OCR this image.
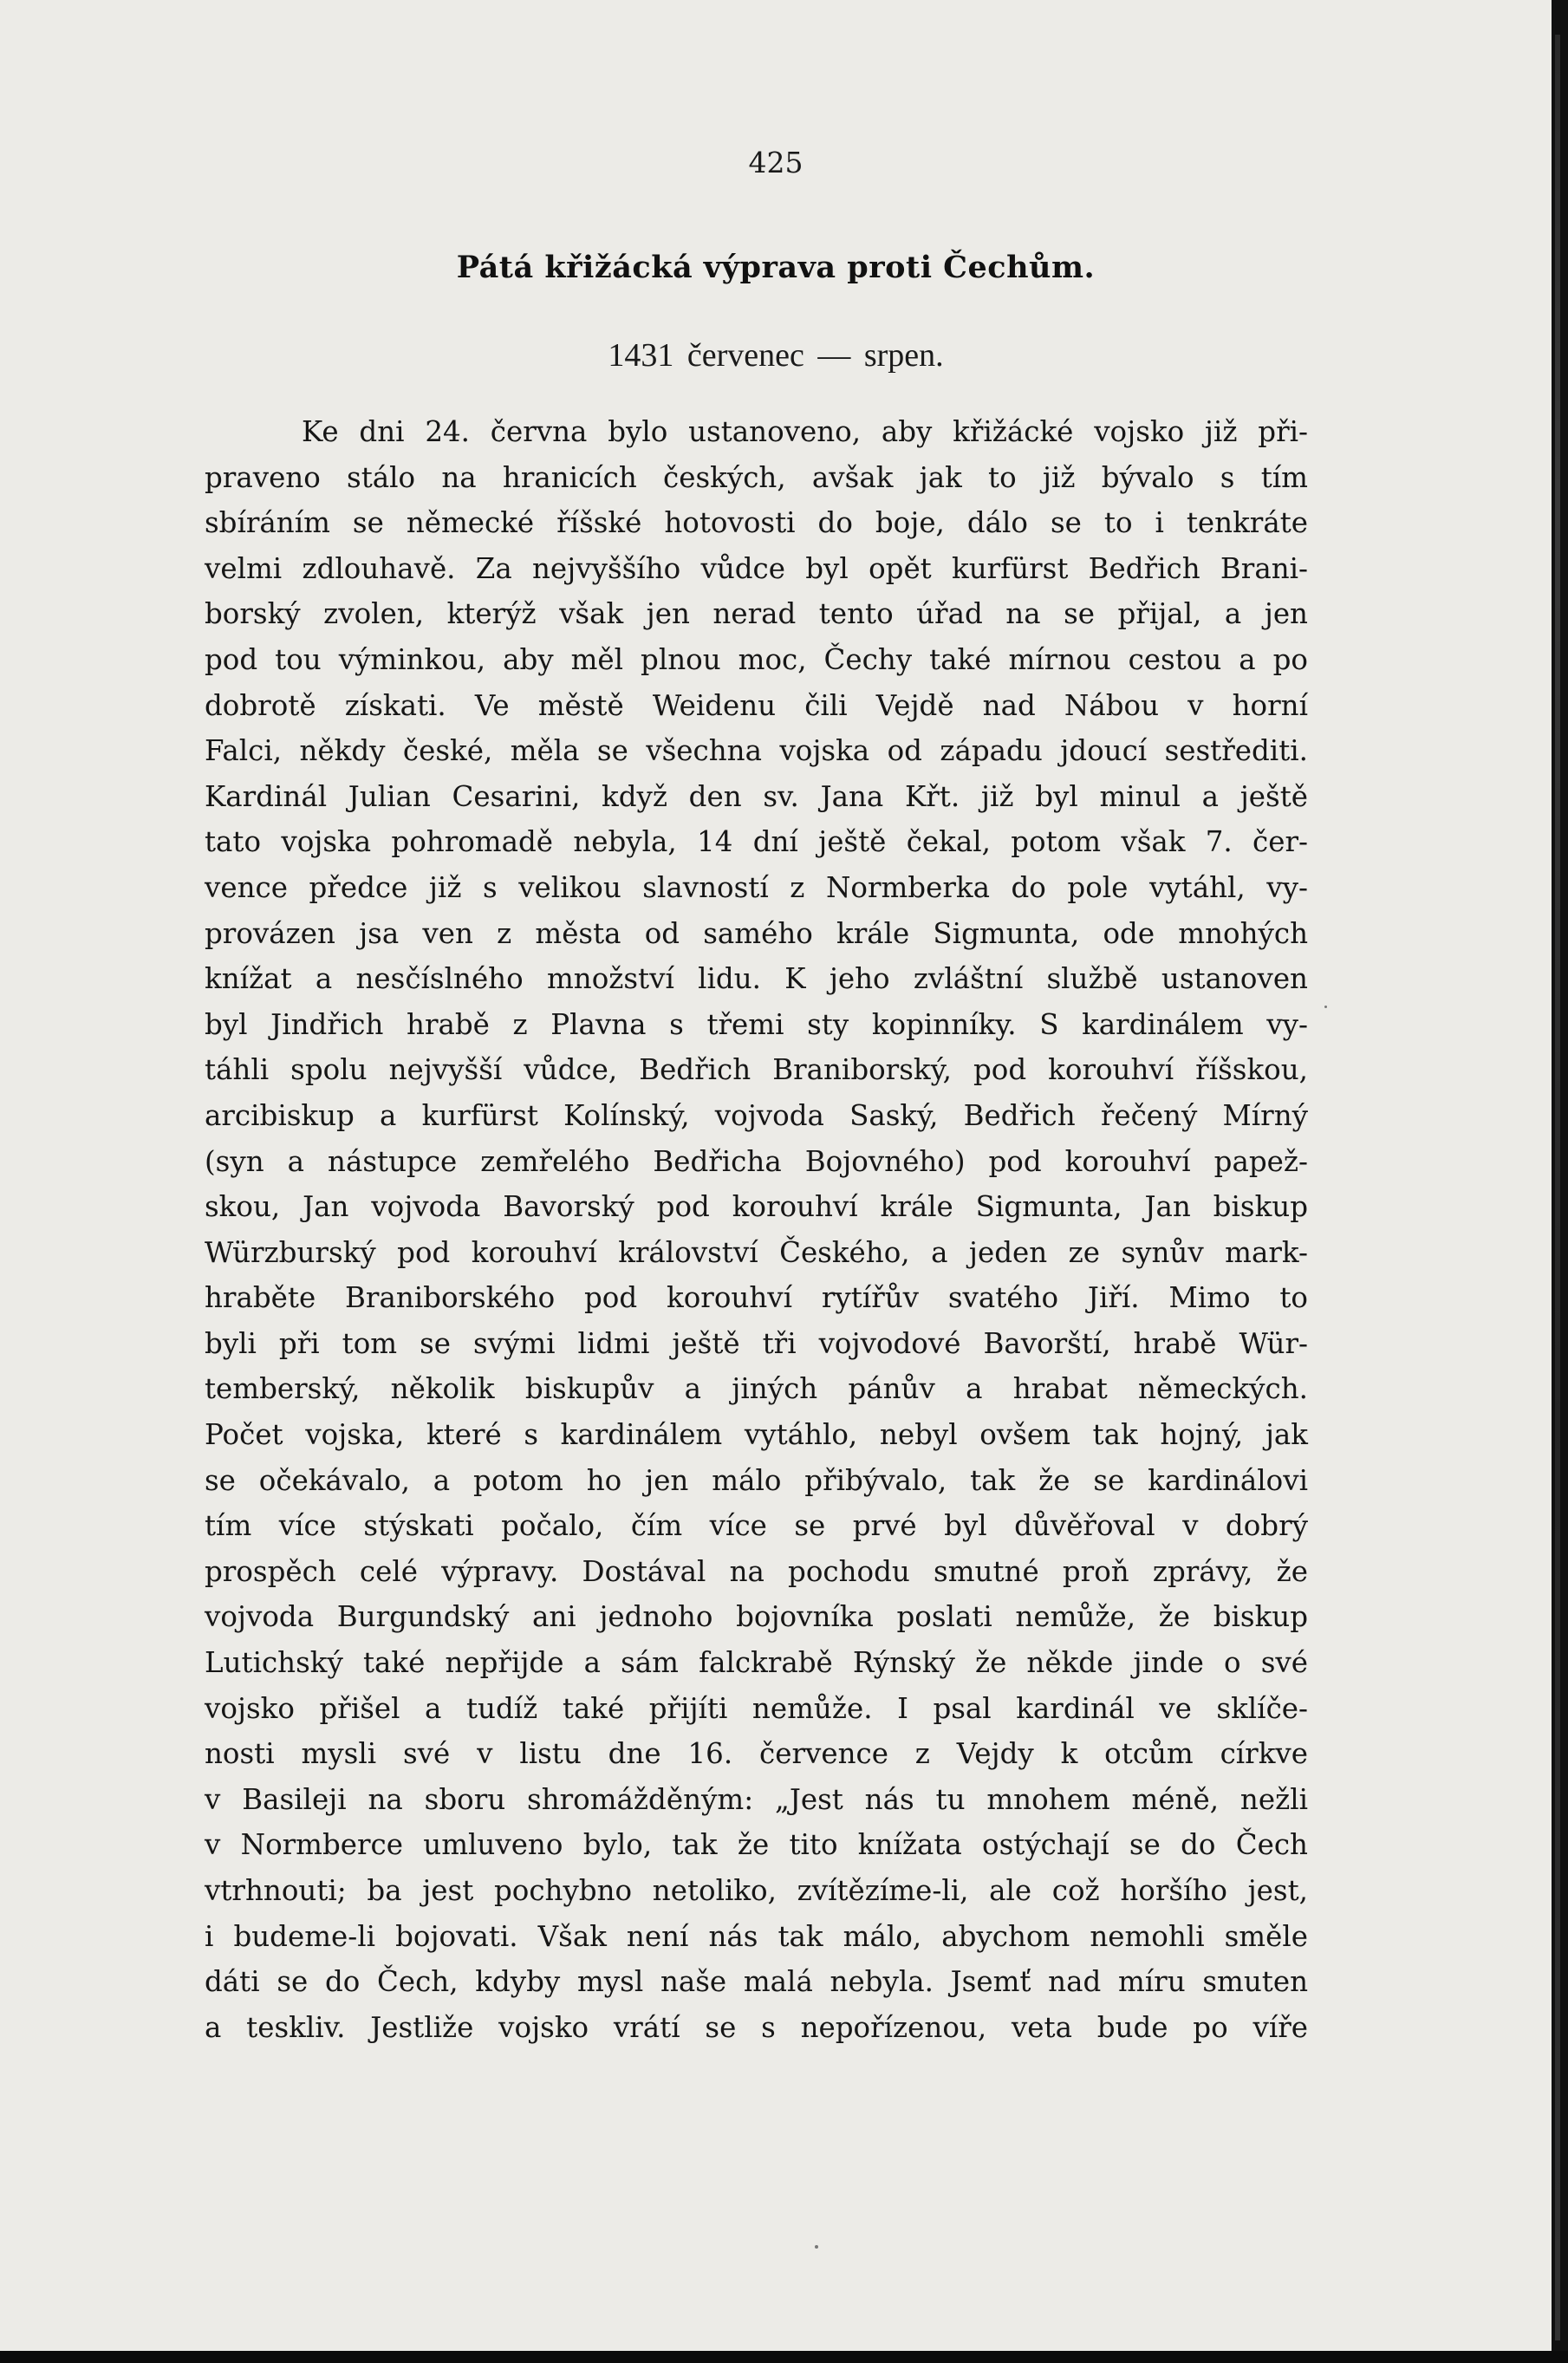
425
Pátá křižácká výprava proti Čechům.
1431 červenec — srpen.
Ke dni 24. června bylo ustanoveno, aby křižácké vojsko již při-
praveno stálo na hranicích českých, avšak jak to již bývalo s tím
sbíráním se německé říšské hotovosti do boje, dálo se to i tenkráte
velmi zdlouhavě. Za nejvyššího vůdce byl opět kurfürst Bedřich Brani-
borský zvolen, kterýž však jen nerad tento úřad na se přijal, a jen
pod tou výminkou, aby měl plnou moc, Čechy také mírnou cestou a po
dobrotě získati. Ve městě Weidenu čili Vejdě nad Nábou v horní
Falci, někdy české, měla se všechna vojska od západu jdoucí sestřediti.
Kardinál Julian Cesarini, když den sv. Jana Křt. již byl minul a ještě
tato vojska pohromadě nebyla, 14 dní ještě čekal, potom však 7. čer-
vence předce již s velikou slavností z Normberka do pole vytáhl, vy-
provázen jsa ven z města od samého krále Sigmunta, ode mnohých
knížat a nesčíslného množství lidu. K jeho zvláštní službě ustanoven
byl Jindřich hrabě z Plavna s třemi sty kopinníky. S kardinálem vy-
táhli spolu nejvyšší vůdce, Bedřich Braniborský, pod korouhví říšskou,
arcibiskup a kurfürst Kolínský, vojvoda Saský, Bedřich řečený Mírný
(syn a nástupce zemřelého Bedřicha Bojovného) pod korouhví papež-
skou, Jan vojvoda Bavorský pod korouhví krále Sigmunta, Jan biskup
Würzburský pod korouhví království Českého, a jeden ze synův mark-
hraběte Braniborského pod korouhví rytířův svatého Jiří. Mimo to
byli při tom se svými lidmi ještě tři vojvodové Bavorští, hrabě Wür-
temberský, několik biskupův a jiných pánův a hrabat německých.
Počet vojska, které s kardinálem vytáhlo, nebyl ovšem tak hojný, jak
se očekávalo, a potom ho jen málo přibývalo, tak že se kardinálovi
tím více stýskati počalo, čím více se prvé byl důvěřoval v dobrý
prospěch celé výpravy. Dostával na pochodu smutné proň zprávy, že
vojvoda Burgundský ani jednoho bojovníka poslati nemůže, že biskup
Lutichský také nepřijde a sám falckrabě Rýnský že někde jinde o své
vojsko přišel a tudíž také přijíti nemůže. I psal kardinál ve sklíče-
nosti mysli své v listu dne 16. července z Vejdy k otcům církve
v Basileji na sboru shromážděným: „Jest nás tu mnohem méně, nežli
v Normberce umluveno bylo, tak že tito knížata ostýchají se do Čech
vtrhnouti; ba jest pochybno netoliko, zvítězíme-li, ale což horšího jest,
i budeme-li bojovati. Však není nás tak málo, abychom nemohli směle
dáti se do Čech, kdyby mysl naše malá nebyla. Jsemť nad míru smuten
a teskliv. Jestliže vojsko vrátí se s nepořízenou, veta bude po víře
